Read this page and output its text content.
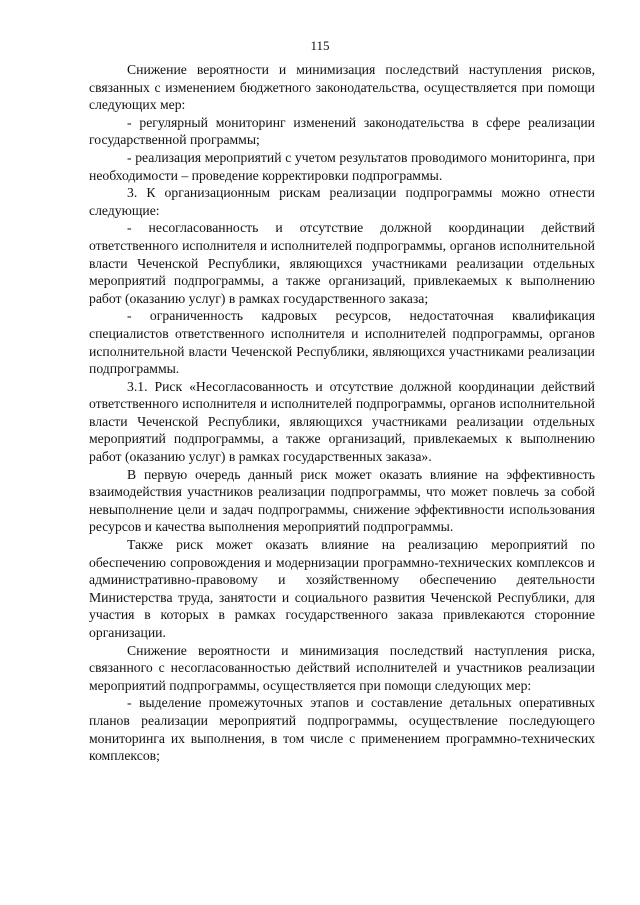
115

Снижение вероятности и минимизация последствий наступления рисков, связанных с изменением бюджетного законодательства, осуществляется при помощи следующих мер:

- регулярный мониторинг изменений законодательства в сфере реализации государственной программы;

- реализация мероприятий с учетом результатов проводимого мониторинга, при необходимости – проведение корректировки подпрограммы.

3. К организационным рискам реализации подпрограммы можно отнести следующие:

- несогласованность и отсутствие должной координации действий ответственного исполнителя и исполнителей подпрограммы, органов исполнительной власти Чеченской Республики, являющихся участниками реализации отдельных мероприятий подпрограммы, а также организаций, привлекаемых к выполнению работ (оказанию услуг) в рамках государственного заказа;

- ограниченность кадровых ресурсов, недостаточная квалификация специалистов ответственного исполнителя и исполнителей подпрограммы, органов исполнительной власти Чеченской Республики, являющихся участниками реализации подпрограммы.

3.1. Риск «Несогласованность и отсутствие должной координации действий ответственного исполнителя и исполнителей подпрограммы, органов исполнительной власти Чеченской Республики, являющихся участниками реализации отдельных мероприятий подпрограммы, а также организаций, привлекаемых к выполнению работ (оказанию услуг) в рамках государственных заказа».

В первую очередь данный риск может оказать влияние на эффективность взаимодействия участников реализации подпрограммы, что может повлечь за собой невыполнение цели и задач подпрограммы, снижение эффективности использования ресурсов и качества выполнения мероприятий подпрограммы.

Также риск может оказать влияние на реализацию мероприятий по обеспечению сопровождения и модернизации программно-технических комплексов и административно-правовому и хозяйственному обеспечению деятельности Министерства труда, занятости и социального развития Чеченской Республики, для участия в которых в рамках государственного заказа привлекаются сторонние организации.

Снижение вероятности и минимизация последствий наступления риска, связанного с несогласованностью действий исполнителей и участников реализации мероприятий подпрограммы, осуществляется при помощи следующих мер:

- выделение промежуточных этапов и составление детальных оперативных планов реализации мероприятий подпрограммы, осуществление последующего мониторинга их выполнения, в том числе с применением программно-технических комплексов;
